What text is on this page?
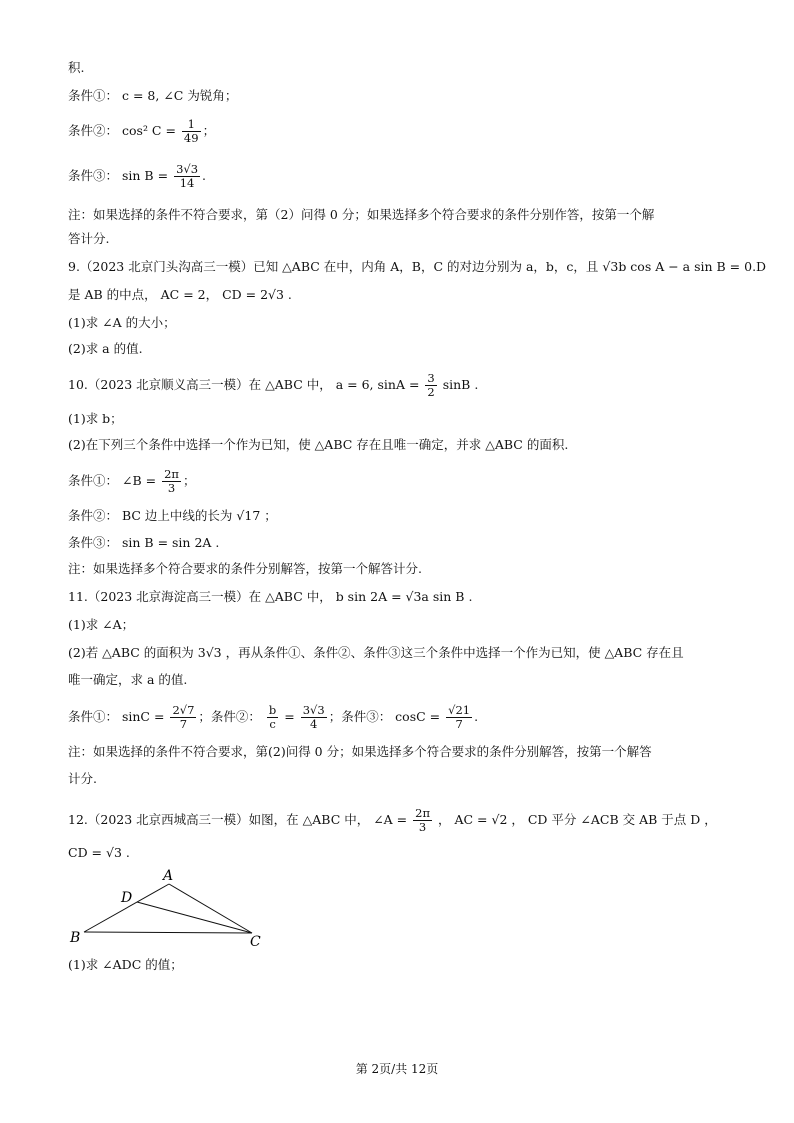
积.
条件①： c = 8, ∠C 为锐角；
条件②： cos² $C = \frac{1}{49}$ ；
条件③： $\sin B = \frac{3√3}{14}$ .
注：如果选择的条件不符合要求，第（2）问得 0 分；如果选择多个符合要求的条件分别作答，按第一个解
答计分.
9.（2023 北京门头沟高三一模）已知 △ABC 在中，内角 A，B，C 的对边分别为 a，b，c，且 √3b cos A − a sin B = 0.D
是 AB 的中点， AC = 2， CD = 2√3 .
(1)求 ∠A 的大小；
(2)求 a 的值.
10.（2023 北京顺义高三一模）在 △ABC 中， a = 6, $\sin A = \frac{3}{2}$ sinB .
(1)求 b；
(2)在下列三个条件中选择一个作为已知，使 △ABC 存在且唯一确定，并求 △ABC 的面积.
条件①： ∠B = $\frac{2\pi}{3}$ ；
条件②： BC 边上中线的长为 √17 ；
条件③： sin B = sin 2A .
注：如果选择多个符合要求的条件分别解答，按第一个解答计分.
11.（2023 北京海淀高三一模）在 △ABC 中， b sin 2A = √3a sin B .
(1)求 ∠A；
(2)若 △ABC 的面积为 3√3 ，再从条件①、条件②、条件③这三个条件中选择一个作为已知，使 △ABC 存在且
唯一确定，求 a 的值.
条件①： $\sin C = \frac{2√7}{7}$ ；条件②： $\frac{b}{c} = \frac{3√3}{4}$ ；条件③： $\cos C = \frac{√21}{7}$ .
注：如果选择的条件不符合要求，第(2)问得 0 分；如果选择多个符合要求的条件分别解答，按第一个解答
计分.
12.（2023 北京西城高三一模）如图，在 △ABC 中， ∠A = $\frac{2\pi}{3}$ ， AC = √2 ， CD 平分 ∠ACB 交 AB 于点 D ，
CD = √3 .
A
D
B	C
(1)求 ∠ADC 的值；
第 2页/共 12页
